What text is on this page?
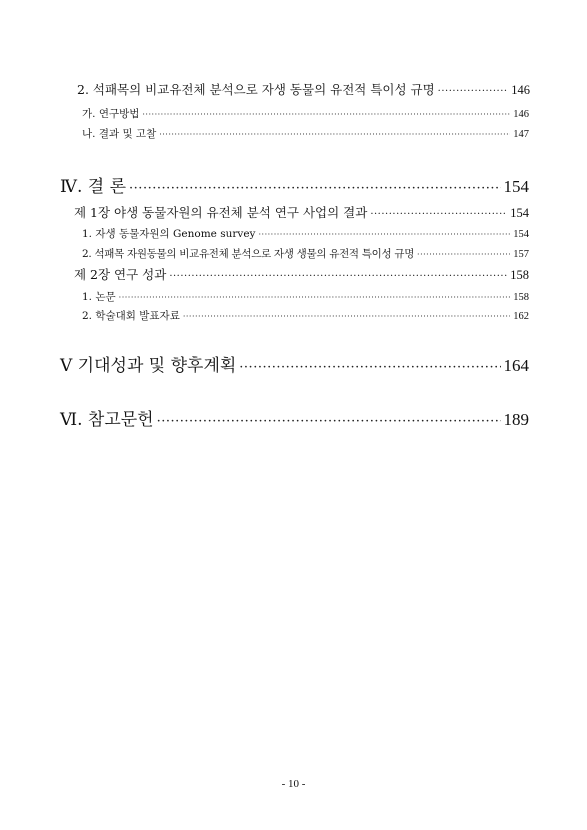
2. 석패목의 비교유전체 분석으로 자생 동물의 유전적 특이성 규명 ·····	146
가. 연구방법 ·····	146
나. 결과 및 고찰 ·····	147
Ⅳ. 결 론 ·····	154
제 1장 야생 동물자원의 유전체 분석 연구 사업의 결과 ·····	154
1. 자생 동물자원의 Genome survey ·····	154
2. 석패목 자원동물의 비교유전체 분석으로 자생 생물의 유전적 특이성 규명 ·····	157
제 2장 연구 성과 ·····	158
1. 논문 ·····	158
2. 학술대회 발표자료 ·····	162
Ⅴ 기대성과 및 향후계획 ·····	164
Ⅵ. 참고문헌 ·····	189
- 10 -
